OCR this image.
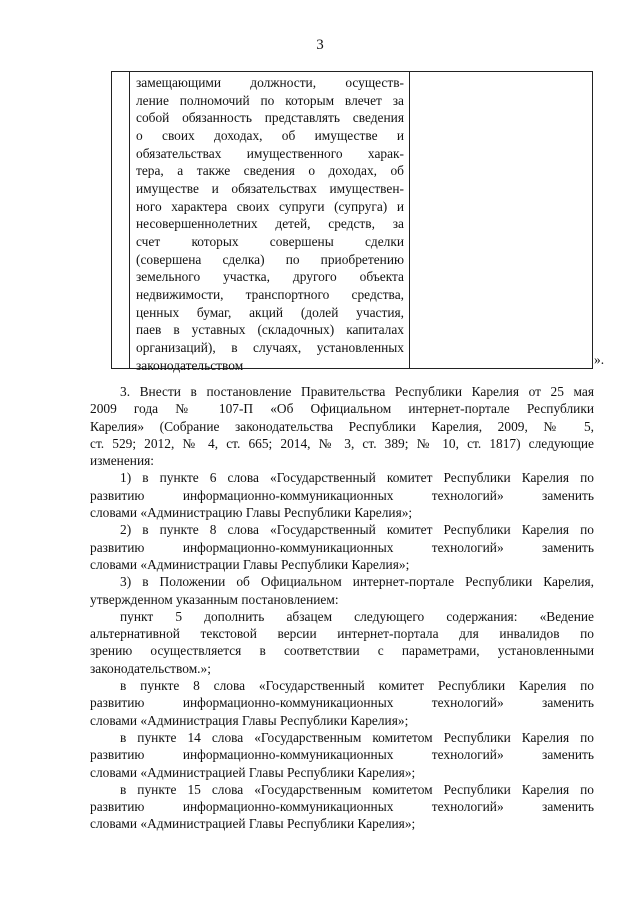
3
замещающими должности, осуществ-
ление полномочий по которым влечет за
собой обязанность представлять сведения
о своих доходах, об имуществе и
обязательствах имущественного харак-
тера, а также сведения о доходах, об
имуществе и обязательствах имуществен-
ного характера своих супруги (супруга) и
несовершеннолетних детей, средств, за
счет которых совершены сделки
(совершена сделка) по приобретению
земельного участка, другого объекта
недвижимости, транспортного средства,
ценных бумаг, акций (долей участия,
паев в уставных (складочных) капиталах
организаций), в случаях, установленных
законодательством	».
3. Внести в постановление Правительства Республики Карелия от 25 мая
2009 года № 107-П «Об Официальном интернет-портале Республики
Карелия» (Собрание законодательства Республики Карелия, 2009, № 5,
ст. 529; 2012, № 4, ст. 665; 2014, № 3, ст. 389; № 10, ст. 1817) следующие
изменения:
1) в пункте 6 слова «Государственный комитет Республики Карелия по
развитию информационно-коммуникационных технологий» заменить
словами «Администрацию Главы Республики Карелия»;
2) в пункте 8 слова «Государственный комитет Республики Карелия по
развитию информационно-коммуникационных технологий» заменить
словами «Администрации Главы Республики Карелия»;
3) в Положении об Официальном интернет-портале Республики Карелия,
утвержденном указанным постановлением:
пункт 5 дополнить абзацем следующего содержания: «Ведение
альтернативной текстовой версии интернет-портала для инвалидов по
зрению осуществляется в соответствии с параметрами, установленными
законодательством.»;
в пункте 8 слова «Государственный комитет Республики Карелия по
развитию информационно-коммуникационных технологий» заменить
словами «Администрация Главы Республики Карелия»;
в пункте 14 слова «Государственным комитетом Республики Карелия по
развитию информационно-коммуникационных технологий» заменить
словами «Администрацией Главы Республики Карелия»;
в пункте 15 слова «Государственным комитетом Республики Карелия по
развитию информационно-коммуникационных технологий» заменить
словами «Администрацией Главы Республики Карелия»;
